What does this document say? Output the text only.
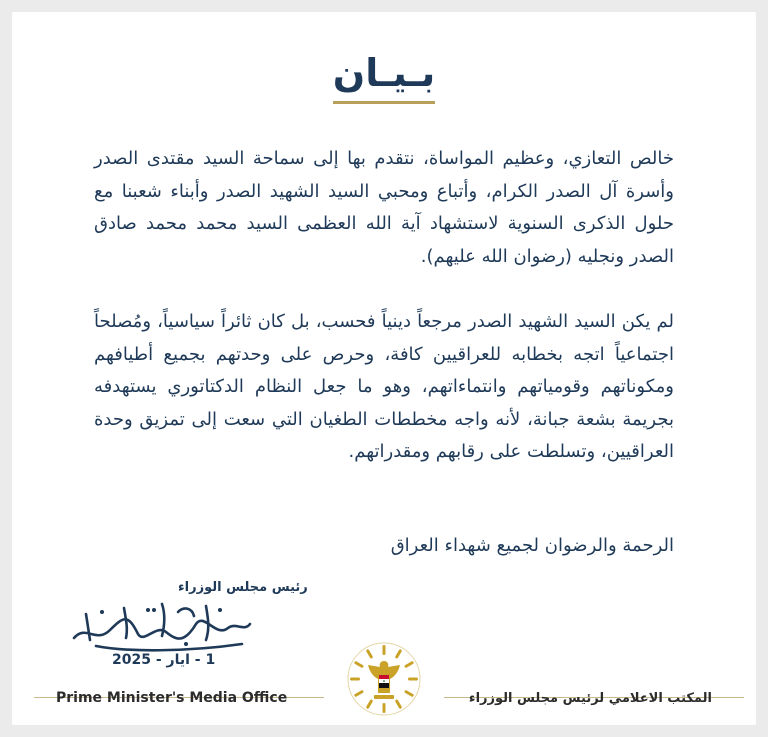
بـيـان
خالص التعازي، وعظيم المواساة، نتقدم بها إلى سماحة السيد مقتدى الصدر وأسرة آل الصدر الكرام، وأتباع ومحبي السيد الشهيد الصدر وأبناء شعبنا مع حلول الذكرى السنوية لاستشهاد آية الله العظمى السيد محمد محمد صادق الصدر ونجليه (رضوان الله عليهم).
لم يكن السيد الشهيد الصدر مرجعاً دينياً فحسب، بل كان ثائراً سياسياً، ومُصلحاً اجتماعياً اتجه بخطابه للعراقيين كافة، وحرص على وحدتهم بجميع أطيافهم ومكوناتهم وقومياتهم وانتماءاتهم، وهو ما جعل النظام الدكتاتوري يستهدفه بجريمة بشعة جبانة، لأنه واجه مخططات الطغيان التي سعت إلى تمزيق وحدة العراقيين، وتسلطت على رقابهم ومقدراتهم.
الرحمة والرضوان لجميع شهداء العراق
رئيس مجلس الوزراء
محمد شياع السوداني
1 - ايار - 2025
Prime Minister's Media Office	المكتب الاعلامي لرئيس مجلس الوزراء
